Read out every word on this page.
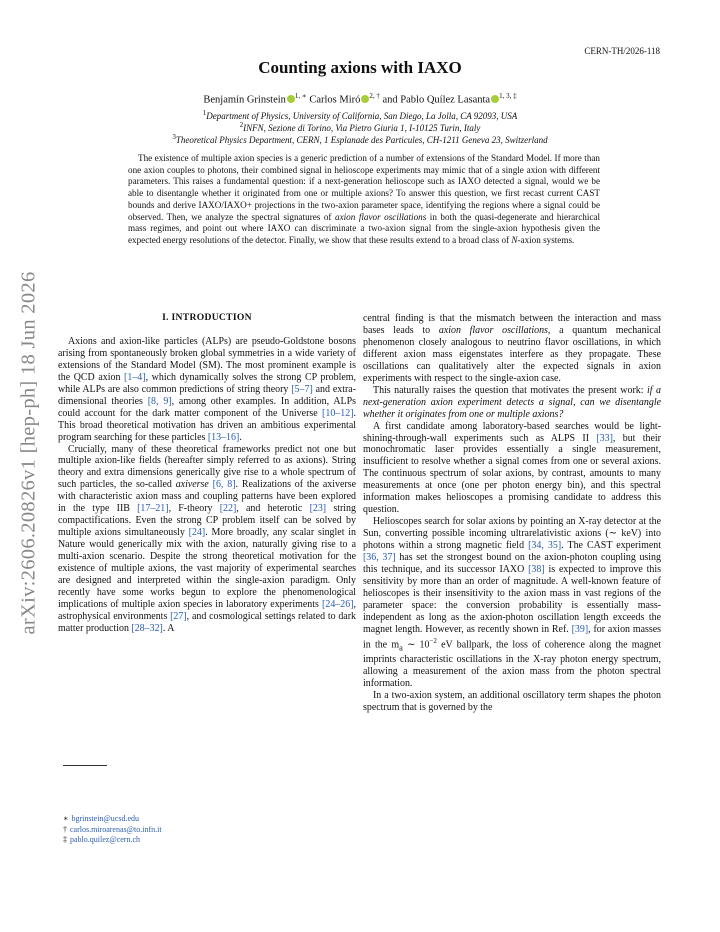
arXiv:2606.20826v1 [hep-ph] 18 Jun 2026
CERN-TH/2026-118
Counting axions with IAXO
Benjamín Grinstein $^{1, ∗}$ Carlos Miró $^{2, \dagger}$ and Pablo Quílez Lasanta $^{1, 3, \ddagger}$
$^1$Department of Physics, University of California, San Diego, La Jolla, CA 92093, USA
$^2$INFN, Sezione di Torino, Via Pietro Giuria 1, I-10125 Turin, Italy
$^3$Theoretical Physics Department, CERN, 1 Esplanade des Particules, CH-1211 Geneva 23, Switzerland
The existence of multiple axion species is a generic prediction of a number of extensions of the Standard Model. If more than one axion couples to photons, their combined signal in helioscope experiments may mimic that of a single axion with different parameters. This raises a fundamental question: if a next-generation helioscope such as IAXO detected a signal, would we be able to disentangle whether it originated from one or multiple axions? To answer this question, we first recast current CAST bounds and derive IAXO/IAXO+ projections in the two-axion parameter space, identifying the regions where a signal could be observed. Then, we analyze the spectral signatures of axion flavor oscillations in both the quasi-degenerate and hierarchical mass regimes, and point out where IAXO can discriminate a two-axion signal from the single-axion hypothesis given the expected energy resolutions of the detector. Finally, we show that these results extend to a broad class of N-axion systems.

I. INTRODUCTION

Axions and axion-like particles (ALPs) are pseudo-Goldstone bosons arising from spontaneously broken global symmetries in a wide variety of extensions of the Standard Model (SM). The most prominent example is the QCD axion [1–4], which dynamically solves the strong CP problem, while ALPs are also common predictions of string theory [5–7] and extra-dimensional theories [8, 9], among other examples. In addition, ALPs could account for the dark matter component of the Universe [10–12]. This broad theoretical motivation has driven an ambitious experimental program searching for these particles [13–16].

Crucially, many of these theoretical frameworks predict not one but multiple axion-like fields (hereafter simply referred to as axions). String theory and extra dimensions generically give rise to a whole spectrum of such particles, the so-called axiverse [6, 8]. Realizations of the axiverse with characteristic axion mass and coupling patterns have been explored in the type IIB [17–21], F-theory [22], and heterotic [23] string compactifications. Even the strong CP problem itself can be solved by multiple axions simultaneously [24]. More broadly, any scalar singlet in Nature would generically mix with the axion, naturally giving rise to a multi-axion scenario. Despite the strong theoretical motivation for the existence of multiple axions, the vast majority of experimental searches are designed and interpreted within the single-axion paradigm. Only recently have some works begun to explore the phenomenological implications of multiple axion species in laboratory experiments [24–26], astrophysical environments [27], and cosmological settings related to dark matter production [28–32]. A

central finding is that the mismatch between the interaction and mass bases leads to axion flavor oscillations, a quantum mechanical phenomenon closely analogous to neutrino flavor oscillations, in which different axion mass eigenstates interfere as they propagate. These oscillations can qualitatively alter the expected signals in axion experiments with respect to the single-axion case.

This naturally raises the question that motivates the present work: if a next-generation axion experiment detects a signal, can we disentangle whether it originates from one or multiple axions?

A first candidate among laboratory-based searches would be light-shining-through-wall experiments such as ALPS II [33], but their monochromatic laser provides essentially a single measurement, insufficient to resolve whether a signal comes from one or several axions. The continuous spectrum of solar axions, by contrast, amounts to many measurements at once (one per photon energy bin), and this spectral information makes helioscopes a promising candidate to address this question.

Helioscopes search for solar axions by pointing an X-ray detector at the Sun, converting possible incoming ultrarelativistic axions (∼ keV) into photons within a strong magnetic field [34, 35]. The CAST experiment [36, 37] has set the strongest bound on the axion-photon coupling using this technique, and its successor IAXO [38] is expected to improve this sensitivity by more than an order of magnitude. A well-known feature of helioscopes is their insensitivity to the axion mass in vast regions of the parameter space: the conversion probability is essentially mass-independent as long as the axion-photon oscillation length exceeds the magnet length. However, as recently shown in Ref. [39], for axion masses in the $m_a$ ∼ $10^{-2}$ eV ballpark, the loss of coherence along the magnet imprints characteristic oscillations in the X-ray photon energy spectrum, allowing a measurement of the axion mass from the photon spectral information.

In a two-axion system, an additional oscillatory term shapes the photon spectrum that is governed by the

∗ bgrinstein@ucsd.edu
† carlos.miroarenas@to.infn.it
‡ pablo.quilez@cern.ch
